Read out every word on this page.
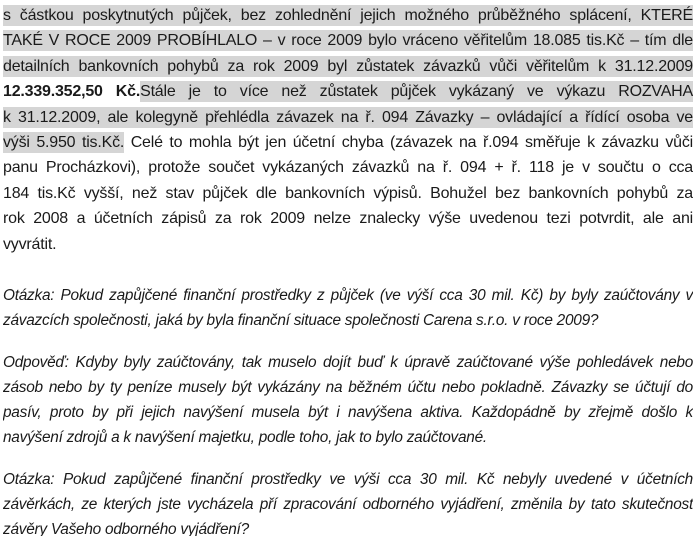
s částkou poskytnutých půjček, bez zohlednění jejich možného průběžného splácení, KTERÉ
TAKÉ V ROCE 2009 PROBÍHLALO – v roce 2009 bylo vráceno věřitelům 18.085 tis.Kč – tím dle
detailních bankovních pohybů za rok 2009 byl zůstatek závazků vůči věřitelům k 31.12.2009
12.339.352,50 Kč.Stále je to více než zůstatek půjček vykázaný ve výkazu ROZVAHA
k 31.12.2009, ale kolegyně přehlédla závazek na ř. 094 Závazky – ovládající a řídící osoba ve
výši 5.950 tis.Kč. Celé to mohla být jen účetní chyba (závazek na ř.094 směřuje k závazku vůči
panu Procházkovi), protože součet vykázaných závazků na ř. 094 + ř. 118 je v součtu o cca
184 tis.Kč vyšší, než stav půjček dle bankovních výpisů. Bohužel bez bankovních pohybů za
rok 2008 a účetních zápisů za rok 2009 nelze znalecky výše uvedenou tezi potvrdit, ale ani
vyvrátit.
Otázka: Pokud zapůjčené finanční prostředky z půjček (ve výší cca 30 mil. Kč) by byly zaúčtovány v
závazcích společnosti, jaká by byla finanční situace společnosti Carena s.r.o. v roce 2009?
Odpověď: Kdyby byly zaúčtovány, tak muselo dojít buď k úpravě zaúčtované výše pohledávek nebo
zásob nebo by ty peníze musely být vykázány na běžném účtu nebo pokladně. Závazky se účtují do
pasív, proto by při jejich navýšení musela být i navýšena aktiva. Každopádně by zřejmě došlo k
navýšení zdrojů a k navýšení majetku, podle toho, jak to bylo zaúčtované.
Otázka: Pokud zapůjčené finanční prostředky ve výši cca 30 mil. Kč nebyly uvedené v účetních
závěrkách, ze kterých jste vycházela pří zpracování odborného vyjádření, změnila by tato skutečnost
závěry Vašeho odborného vyjádření?
